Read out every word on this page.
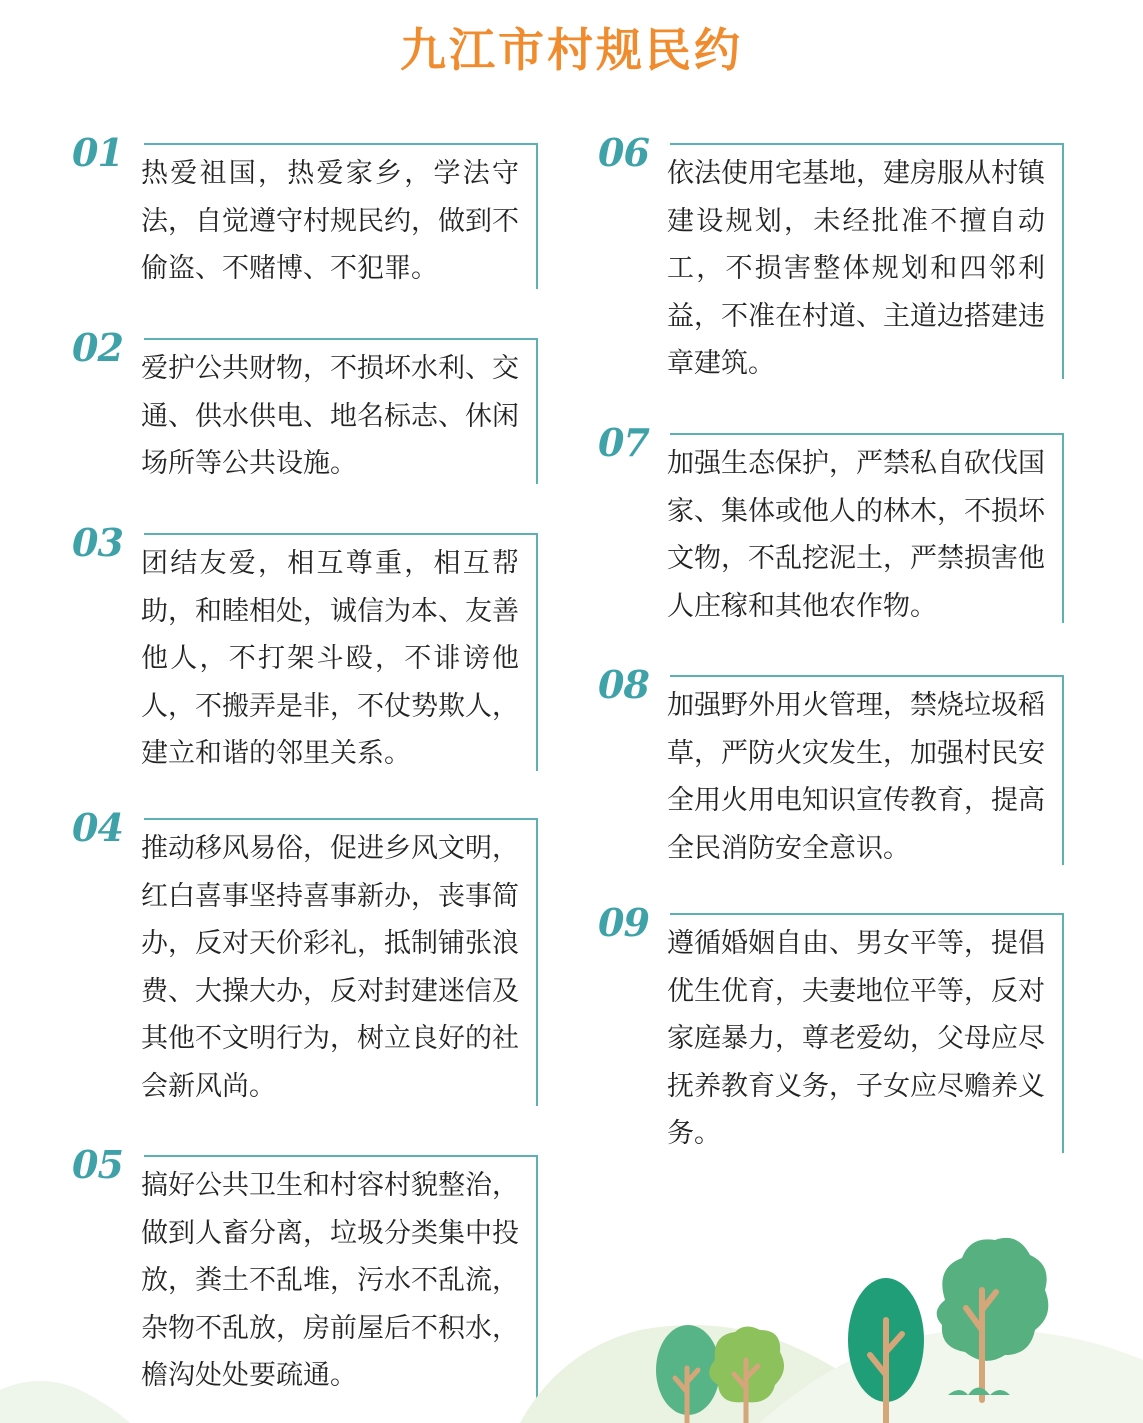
九江市村规民约
01 热爱祖国，热爱家乡，学法守法，自觉遵守村规民约，做到不偷盗、不赌博、不犯罪。
02 爱护公共财物，不损坏水利、交通、供水供电、地名标志、休闲场所等公共设施。
03 团结友爱，相互尊重，相互帮助，和睦相处，诚信为本、友善他人，不打架斗殴，不诽谤他人，不搬弄是非，不仗势欺人，建立和谐的邻里关系。
04 推动移风易俗，促进乡风文明，红白喜事坚持喜事新办，丧事简办，反对天价彩礼，抵制铺张浪费、大操大办，反对封建迷信及其他不文明行为，树立良好的社会新风尚。
05 搞好公共卫生和村容村貌整治，做到人畜分离，垃圾分类集中投放，粪土不乱堆，污水不乱流，杂物不乱放，房前屋后不积水，檐沟处处要疏通。
06 依法使用宅基地，建房服从村镇建设规划，未经批准不擅自动工，不损害整体规划和四邻利益，不准在村道、主道边搭建违章建筑。
07 加强生态保护，严禁私自砍伐国家、集体或他人的林木，不损坏文物，不乱挖泥土，严禁损害他人庄稼和其他农作物。
08 加强野外用火管理，禁烧垃圾稻草，严防火灾发生，加强村民安全用火用电知识宣传教育，提高全民消防安全意识。
09 遵循婚姻自由、男女平等，提倡优生优育，夫妻地位平等，反对家庭暴力，尊老爱幼，父母应尽抚养教育义务，子女应尽赡养义务。
